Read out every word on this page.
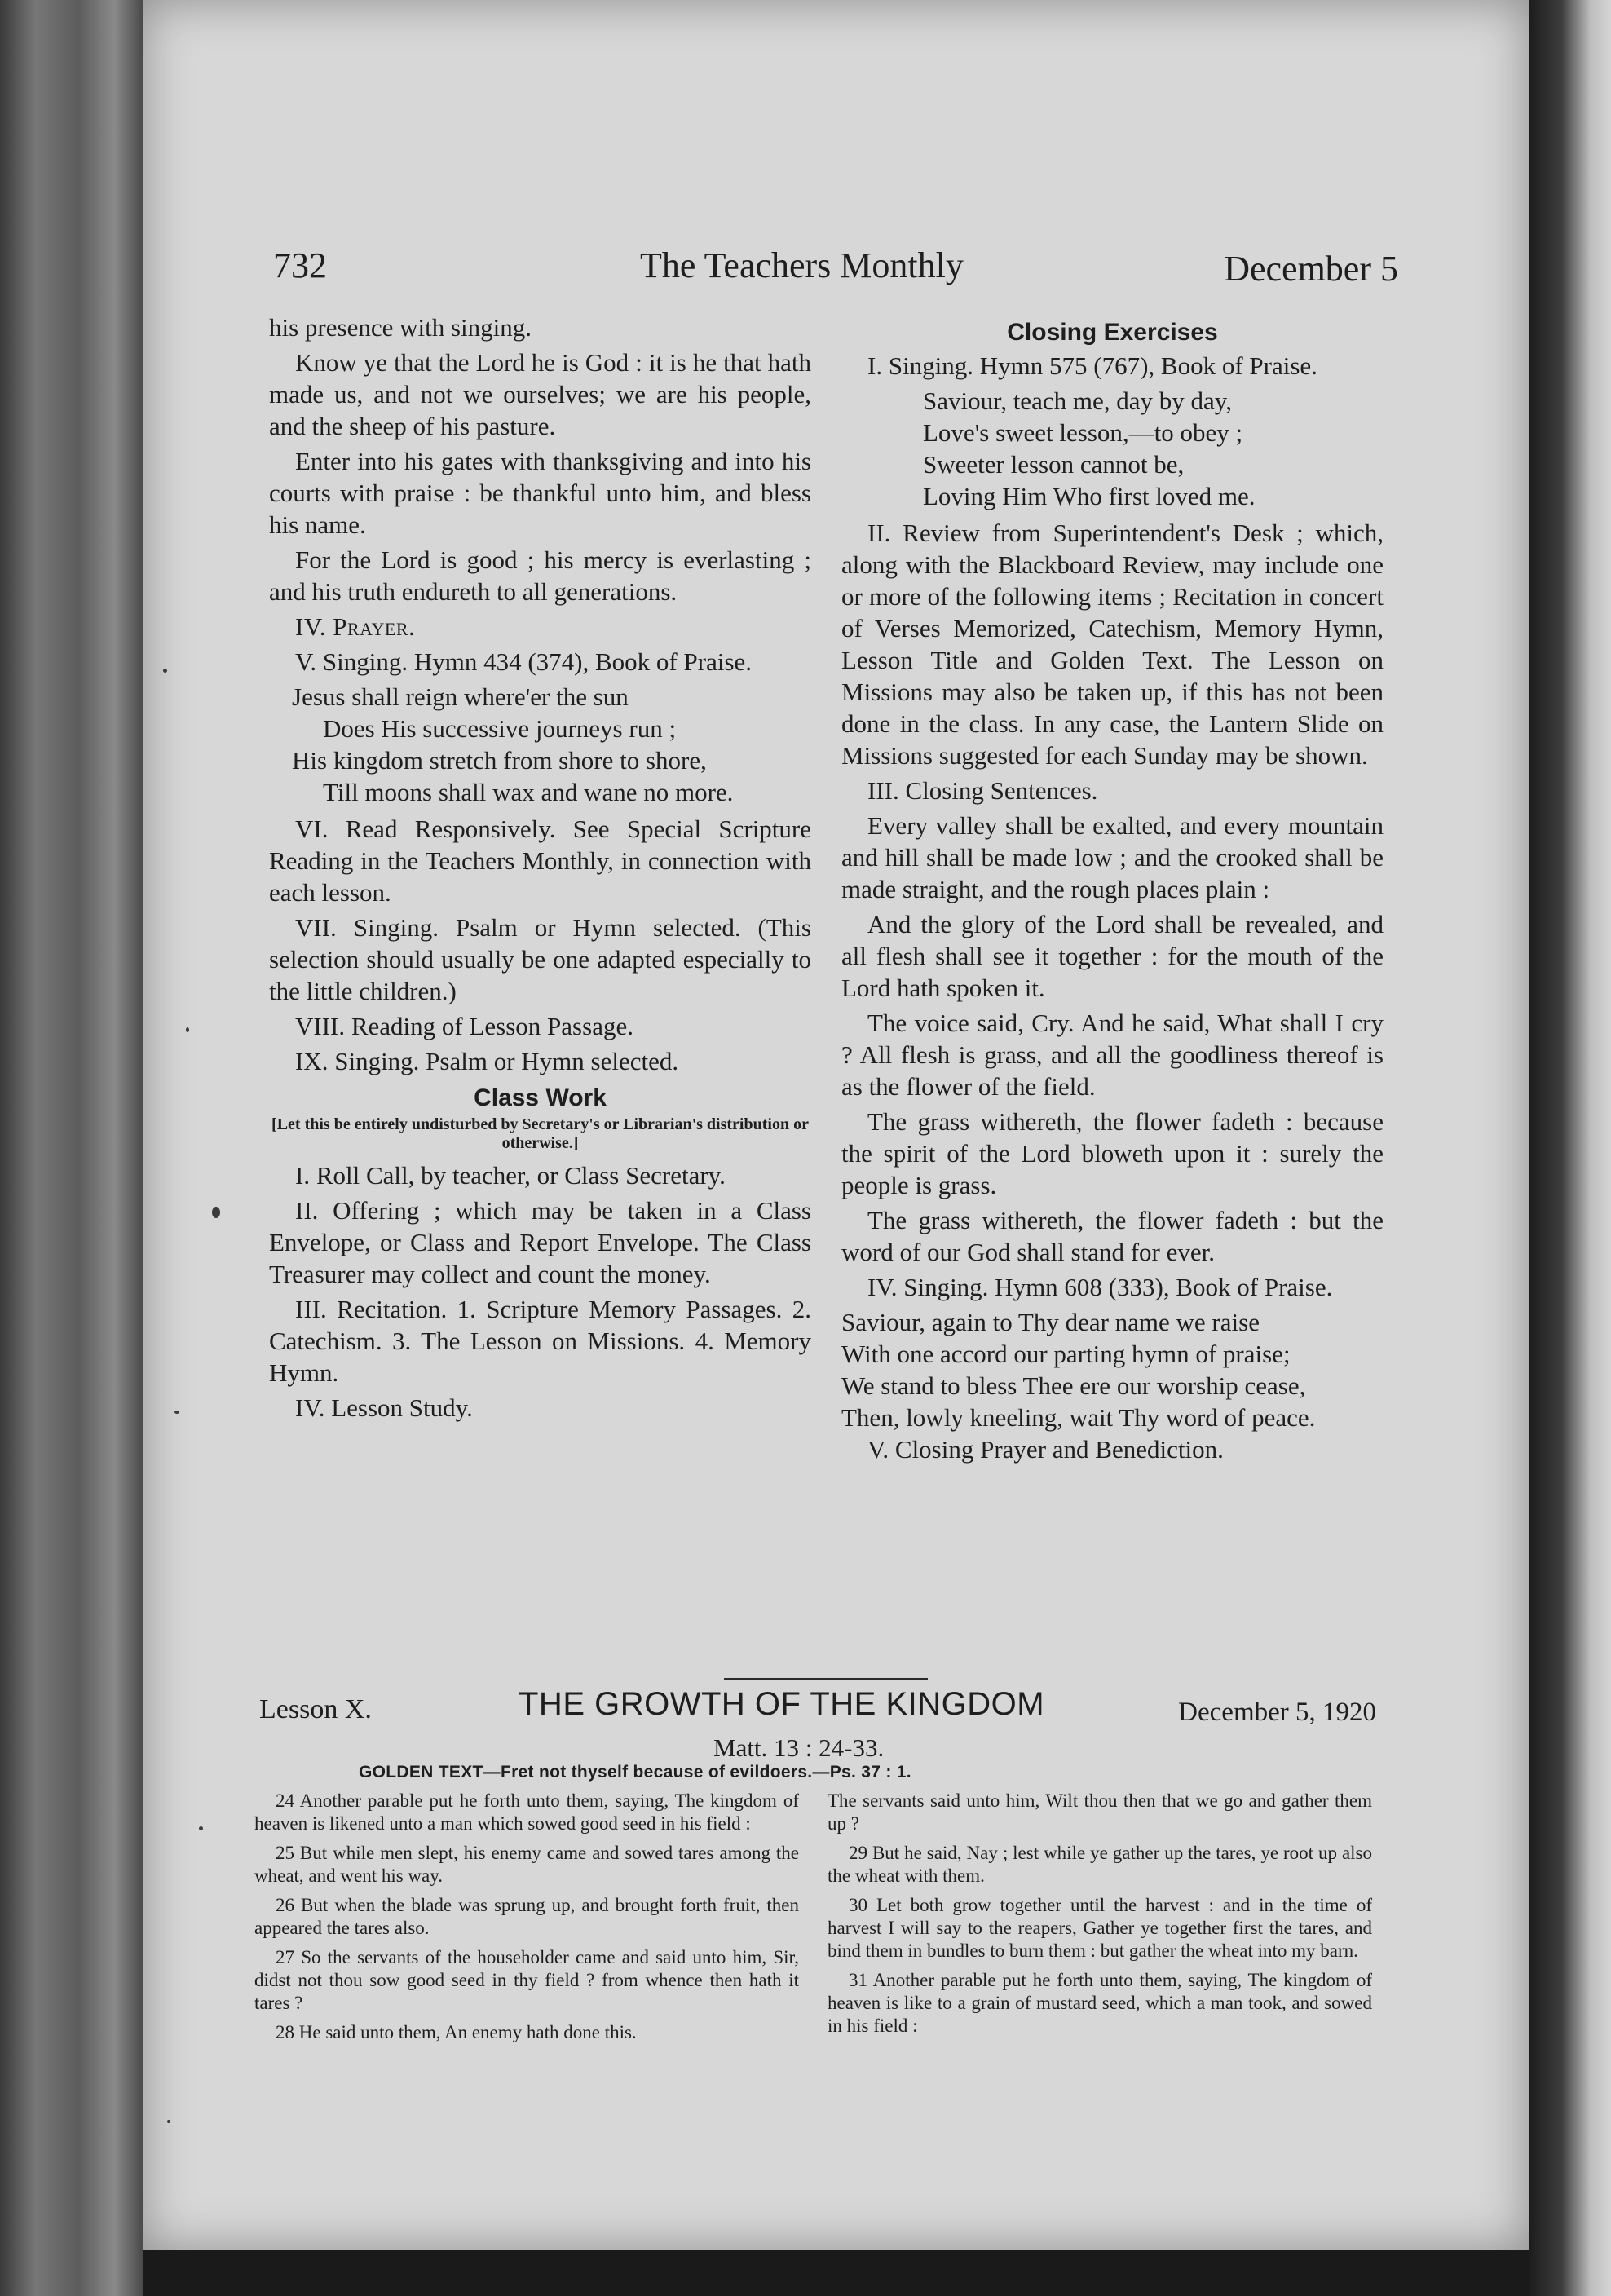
732	The Teachers Monthly	December 5

his presence with singing.

Know ye that the Lord he is God : it is he that hath made us, and not we ourselves; we are his people, and the sheep of his pasture.

Enter into his gates with thanksgiving and into his courts with praise : be thankful unto him, and bless his name.

For the Lord is good ; his mercy is everlasting ; and his truth endureth to all generations.

IV. Prayer.

V. Singing. Hymn 434 (374), Book of Praise.

Jesus shall reign where'er the sun

Does His successive journeys run ;

His kingdom stretch from shore to shore,

Till moons shall wax and wane no more.

VI. Read Responsively. See Special Scripture Reading in the Teachers Monthly, in connection with each lesson.

VII. Singing. Psalm or Hymn selected. (This selection should usually be one adapted especially to the little children.)

VIII. Reading of Lesson Passage.

IX. Singing. Psalm or Hymn selected.

Class Work
[Let this be entirely undisturbed by Secretary's or Librarian's distribution or otherwise.]

I. Roll Call, by teacher, or Class Secretary.

II. Offering ; which may be taken in a Class Envelope, or Class and Report Envelope. The Class Treasurer may collect and count the money.

III. Recitation. 1. Scripture Memory Passages. 2. Catechism. 3. The Lesson on Missions. 4. Memory Hymn.

IV. Lesson Study.

Closing Exercises

I. Singing. Hymn 575 (767), Book of Praise.

Saviour, teach me, day by day,

Love's sweet lesson,—to obey ;

Sweeter lesson cannot be,

Loving Him Who first loved me.

II. Review from Superintendent's Desk ; which, along with the Blackboard Review, may include one or more of the following items ; Recitation in concert of Verses Memorized, Catechism, Memory Hymn, Lesson Title and Golden Text. The Lesson on Missions may also be taken up, if this has not been done in the class. In any case, the Lantern Slide on Missions suggested for each Sunday may be shown.

III. Closing Sentences.

Every valley shall be exalted, and every mountain and hill shall be made low ; and the crooked shall be made straight, and the rough places plain :

And the glory of the Lord shall be revealed, and all flesh shall see it together : for the mouth of the Lord hath spoken it.

The voice said, Cry. And he said, What shall I cry ? All flesh is grass, and all the goodliness thereof is as the flower of the field.

The grass withereth, the flower fadeth : because the spirit of the Lord bloweth upon it : surely the people is grass.

The grass withereth, the flower fadeth : but the word of our God shall stand for ever.

IV. Singing. Hymn 608 (333), Book of Praise.

Saviour, again to Thy dear name we raise

With one accord our parting hymn of praise;

We stand to bless Thee ere our worship cease,

Then, lowly kneeling, wait Thy word of peace.

V. Closing Prayer and Benediction.

Lesson X.	THE GROWTH OF THE KINGDOM	December 5, 1920
Matt. 13 : 24-33.
GOLDEN TEXT—Fret not thyself because of evildoers.—Ps. 37 : 1.

24 Another parable put he forth unto them, saying, The kingdom of heaven is likened unto a man which sowed good seed in his field :

25 But while men slept, his enemy came and sowed tares among the wheat, and went his way.

26 But when the blade was sprung up, and brought forth fruit, then appeared the tares also.

27 So the servants of the householder came and said unto him, Sir, didst not thou sow good seed in thy field ? from whence then hath it tares ?

28 He said unto them, An enemy hath done this.

The servants said unto him, Wilt thou then that we go and gather them up ?

29 But he said, Nay ; lest while ye gather up the tares, ye root up also the wheat with them.

30 Let both grow together until the harvest : and in the time of harvest I will say to the reapers, Gather ye together first the tares, and bind them in bundles to burn them : but gather the wheat into my barn.

31 Another parable put he forth unto them, saying, The kingdom of heaven is like to a grain of mustard seed, which a man took, and sowed in his field :
